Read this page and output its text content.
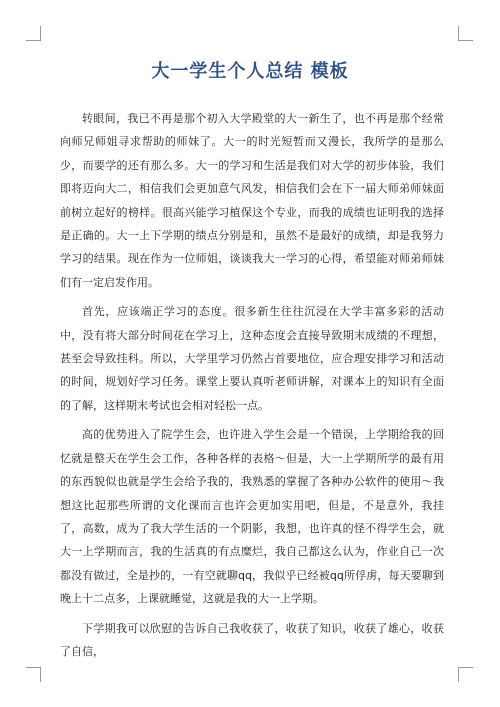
大一学生个人总结 模板

转眼间，我已不再是那个初入大学殿堂的大一新生了，也不再是那个经常向师兄师姐寻求帮助的师妹了。大一的时光短暂而又漫长，我所学的是那么少，而要学的还有那么多。大一的学习和生活是我们对大学的初步体验，我们即将迈向大二，相信我们会更加意气风发，相信我们会在下一届大师弟师妹面前树立起好的榜样。很高兴能学习植保这个专业，而我的成绩也证明我的选择是正确的。大一上下学期的绩点分别是和，虽然不是最好的成绩，却是我努力学习的结果。现在作为一位师姐，谈谈我大一学习的心得，希望能对师弟师妹们有一定启发作用。

首先，应该端正学习的态度。很多新生往往沉浸在大学丰富多彩的活动中，没有将大部分时间花在学习上，这种态度会直接导致期末成绩的不理想，甚至会导致挂科。所以，大学里学习仍然占首要地位，应合理安排学习和活动的时间，规划好学习任务。课堂上要认真听老师讲解，对课本上的知识有全面的了解，这样期末考试也会相对轻松一点。

高的优势进入了院学生会，也许进入学生会是一个错误，上学期给我的回忆就是整天在学生会工作，各种各样的表格～但是，大一上学期所学的最有用的东西貌似也就是学生会给予我的，我熟悉的掌握了各种办公软件的使用～我想这比起那些所谓的文化课而言也许会更加实用吧，但是，不是意外，我挂了，高数，成为了我大学生活的一个阴影，我想，也许真的怪不得学生会，就大一上学期而言，我的生活真的有点糜烂，我自己都这么认为，作业自己一次都没有做过，全是抄的，一有空就聊qq，我似乎已经被qq所俘虏，每天要聊到晚上十二点多，上课就睡觉，这就是我的大一上学期。

下学期我可以欣慰的告诉自己我收获了，收获了知识，收获了雄心，收获了自信，
